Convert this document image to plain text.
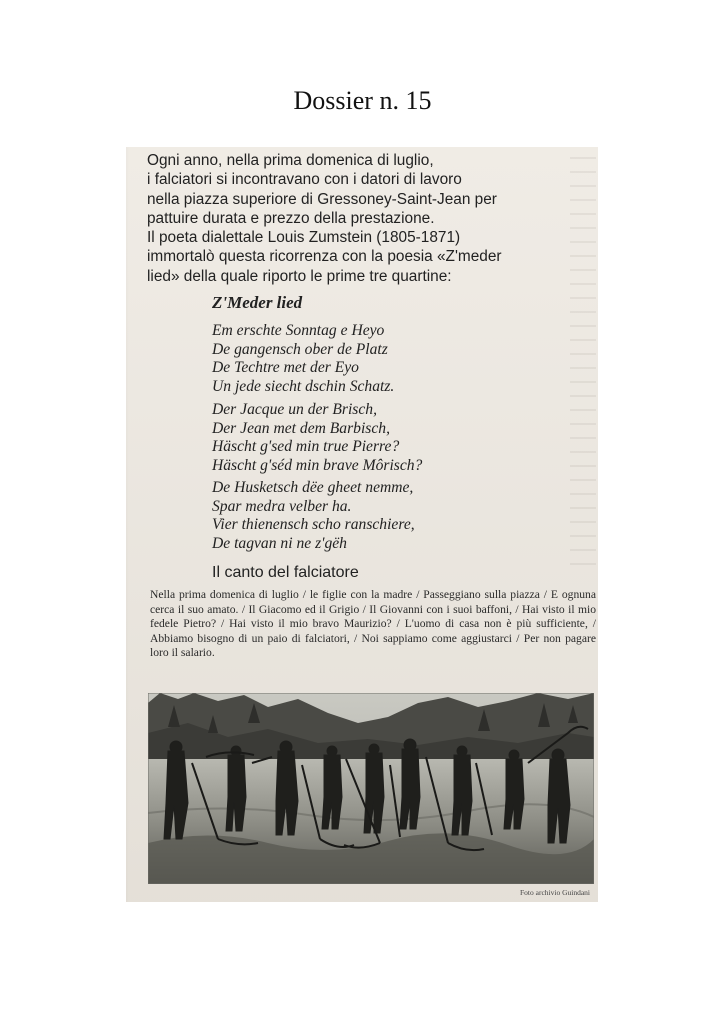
Dossier n. 15
Ogni anno, nella prima domenica di luglio,
i falciatori si incontravano con i datori di lavoro
nella piazza superiore di Gressoney-Saint-Jean per
pattuire durata e prezzo della prestazione.
Il poeta dialettale Louis Zumstein (1805-1871)
immortalò questa ricorrenza con la poesia «Z'meder
lied» della quale riporto le prime tre quartine:
Z'Meder lied
Em erschte Sonntag e Heyo
De gangensch ober de Platz
De Techtre met der Eyo
Un jede siecht dschin Schatz.
Der Jacque un der Brisch,
Der Jean met dem Barbisch,
Häscht g'sed min true Pierre?
Häscht g'séd min brave Môrisch?
De Husketsch dëe gheet nemme,
Spar medra velber ha.
Vier thienensch scho ranschiere,
De tagvan ni ne z'gëh
Il canto del falciatore
Nella prima domenica di luglio / le figlie con la madre / Passeggiano sulla piazza / E ognuna cerca il suo amato. / Il Giacomo ed il Grigio / Il Giovanni con i suoi baffoni, / Hai visto il mio fedele Pietro? / Hai visto il mio bravo Maurizio? / L'uomo di casa non è più sufficiente, / Abbiamo bisogno di un paio di falciatori, / Noi sappiamo come aggiustarci / Per non pagare loro il salario.
Foto archivio Guindani
